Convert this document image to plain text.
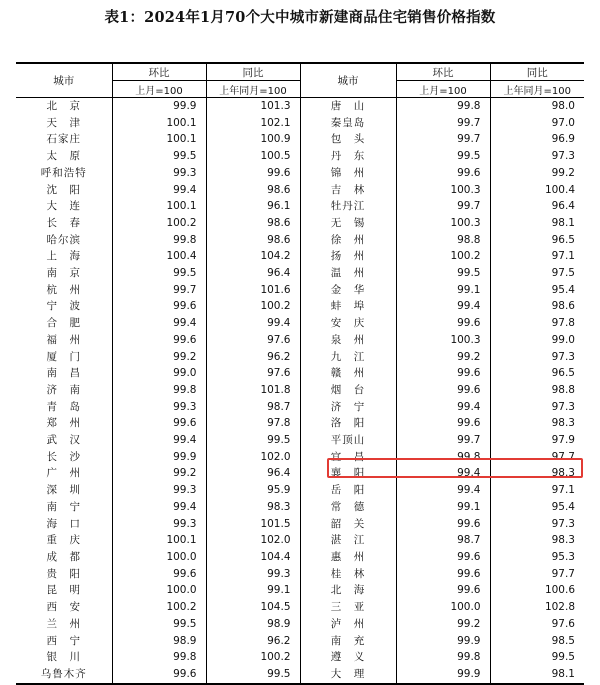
表1：2024年1月70个大中城市新建商品住宅销售价格指数
城市	环比	同比	城市	环比	同比
	上月=100	上年同月=100		上月=100	上年同月=100
北　京	99.9	101.3	唐　山	99.8	98.0
天　津	100.1	102.1	秦皇岛	99.7	97.0
石家庄	100.1	100.9	包　头	99.7	96.9
太　原	99.5	100.5	丹　东	99.5	97.3
呼和浩特	99.3	99.6	锦　州	99.6	99.2
沈　阳	99.4	98.6	吉　林	100.3	100.4
大　连	100.1	96.1	牡丹江	99.7	96.4
长　春	100.2	98.6	无　锡	100.3	98.1
哈尔滨	99.8	98.6	徐　州	98.8	96.5
上　海	100.4	104.2	扬　州	100.2	97.1
南　京	99.5	96.4	温　州	99.5	97.5
杭　州	99.7	101.6	金　华	99.1	95.4
宁　波	99.6	100.2	蚌　埠	99.4	98.6
合　肥	99.4	99.4	安　庆	99.6	97.8
福　州	99.6	97.6	泉　州	100.3	99.0
厦　门	99.2	96.2	九　江	99.2	97.3
南　昌	99.0	97.6	赣　州	99.6	96.5
济　南	99.8	101.8	烟　台	99.6	98.8
青　岛	99.3	98.7	济　宁	99.4	97.3
郑　州	99.6	97.8	洛　阳	99.6	98.3
武　汉	99.4	99.5	平顶山	99.7	97.9
长　沙	99.9	102.0	宜　昌	99.8	97.7
广　州	99.2	96.4	襄　阳	99.4	98.3
深　圳	99.3	95.9	岳　阳	99.4	97.1
南　宁	99.4	98.3	常　德	99.1	95.4
海　口	99.3	101.5	韶　关	99.6	97.3
重　庆	100.1	102.0	湛　江	98.7	98.3
成　都	100.0	104.4	惠　州	99.6	95.3
贵　阳	99.6	99.3	桂　林	99.6	97.7
昆　明	100.0	99.1	北　海	99.6	100.6
西　安	100.2	104.5	三　亚	100.0	102.8
兰　州	99.5	98.9	泸　州	99.2	97.6
西　宁	98.9	96.2	南　充	99.9	98.5
银　川	99.8	100.2	遵　义	99.8	99.5
乌鲁木齐	99.6	99.5	大　理	99.9	98.1
